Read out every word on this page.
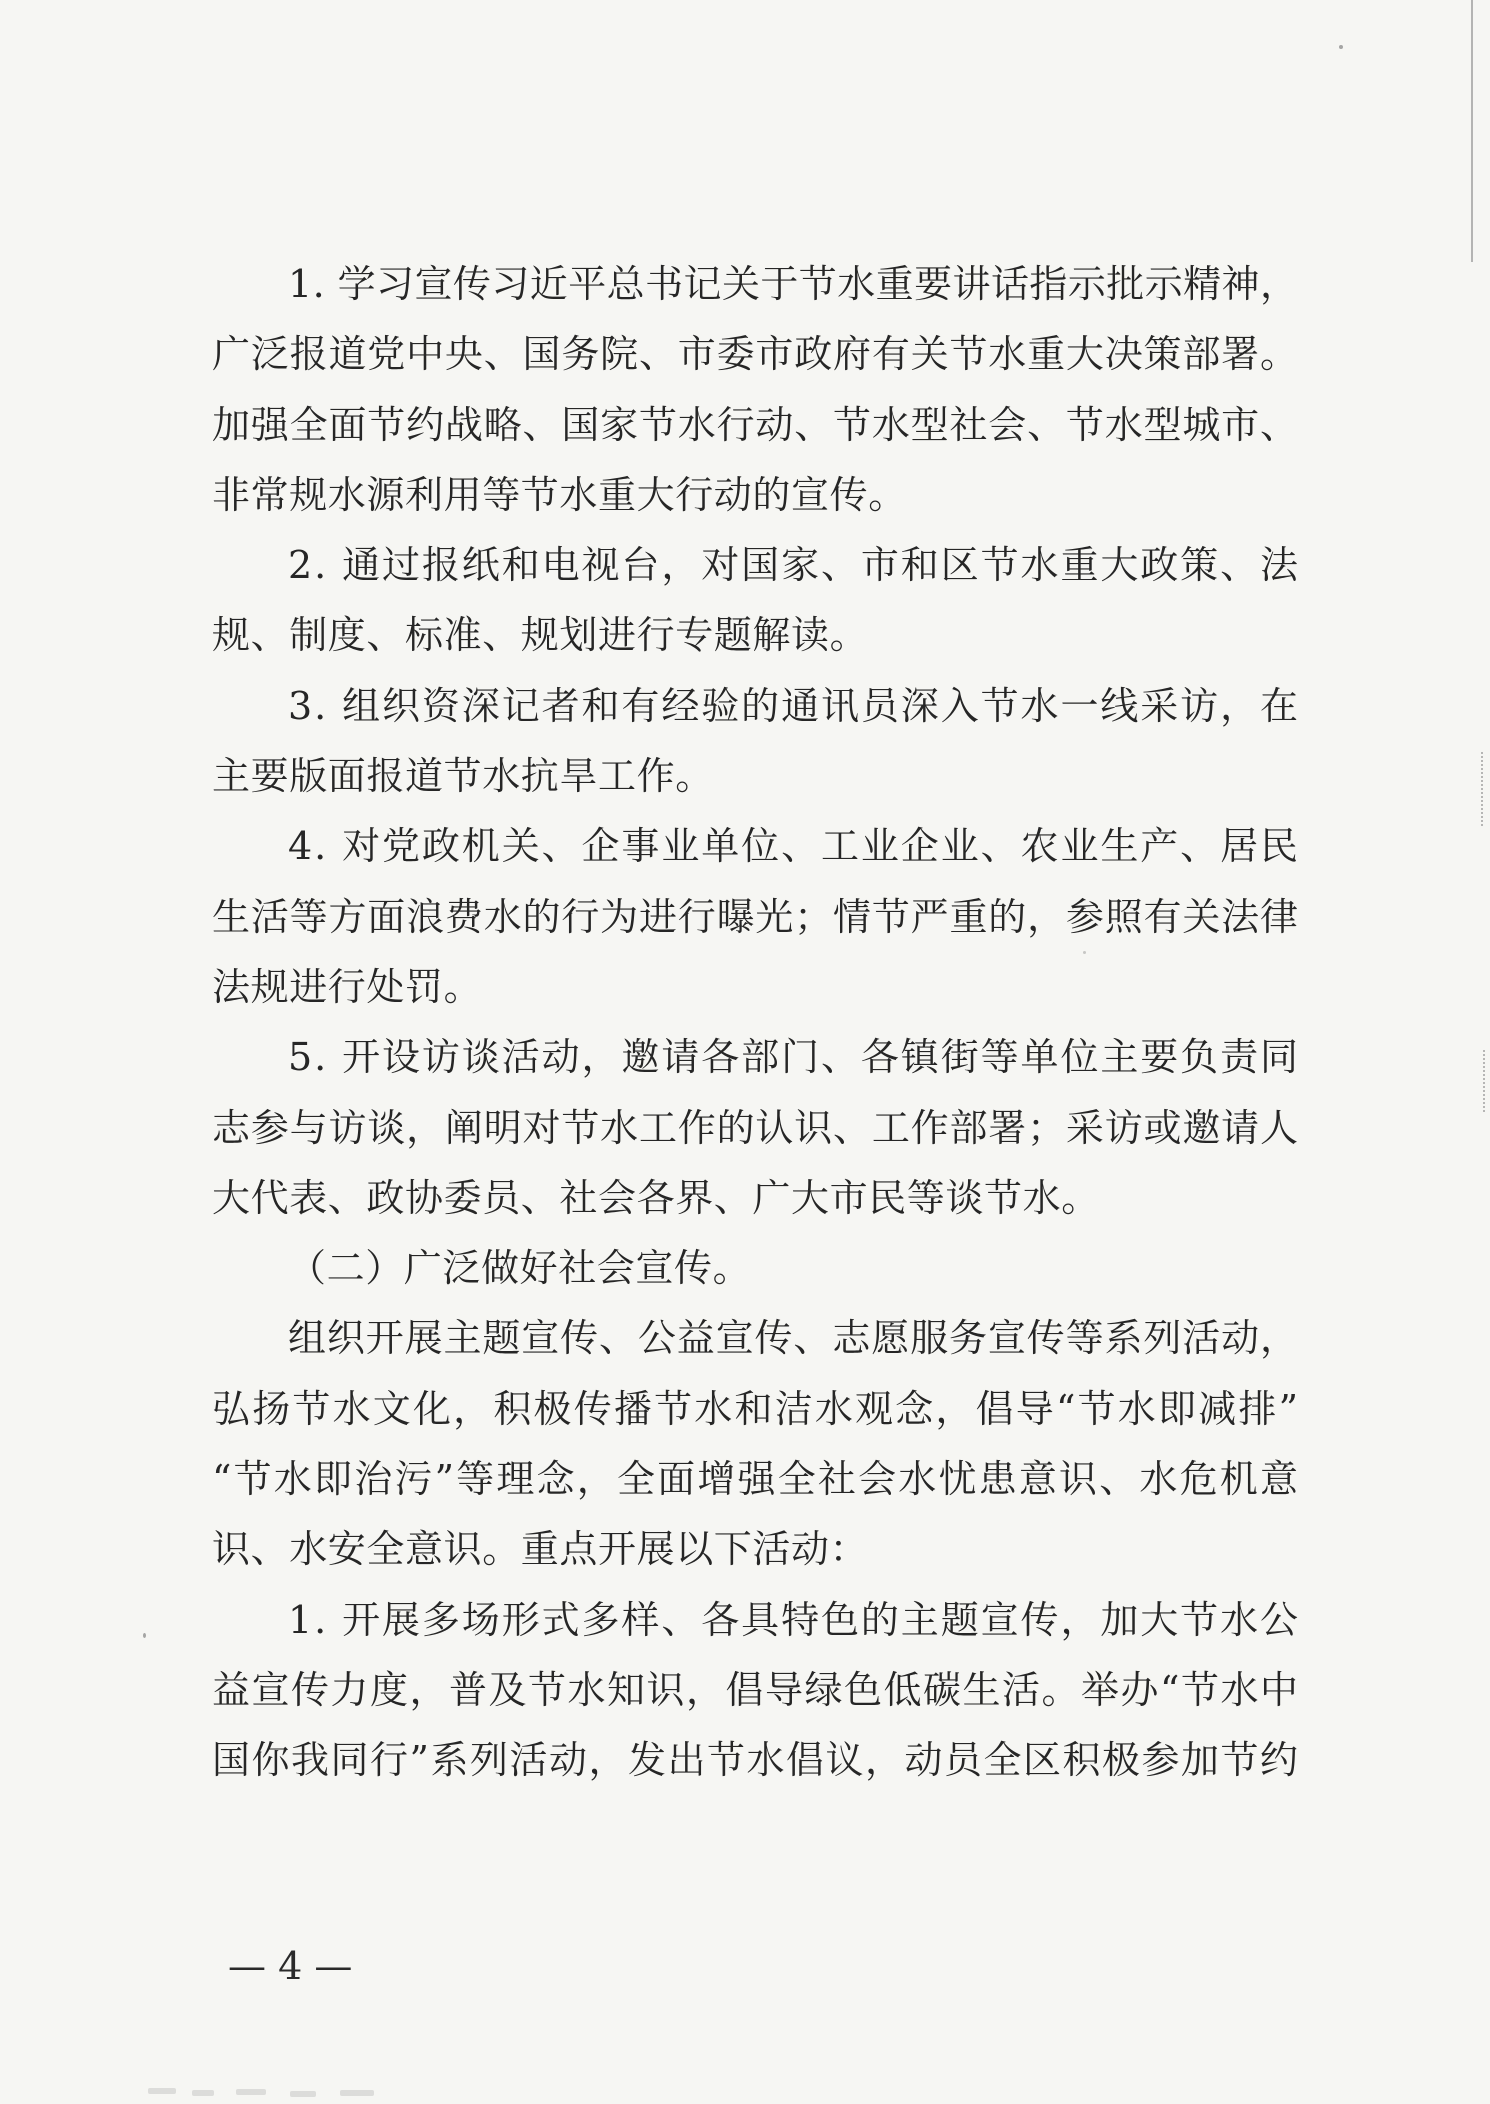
1. 学习宣传习近平总书记关于节水重要讲话指示批示精神，
广泛报道党中央、国务院、市委市政府有关节水重大决策部署。
加强全面节约战略、国家节水行动、节水型社会、节水型城市、
非常规水源利用等节水重大行动的宣传。
2. 通过报纸和电视台，对国家、市和区节水重大政策、法
规、制度、标准、规划进行专题解读。
3. 组织资深记者和有经验的通讯员深入节水一线采访，在
主要版面报道节水抗旱工作。
4. 对党政机关、企事业单位、工业企业、农业生产、居民
生活等方面浪费水的行为进行曝光；情节严重的，参照有关法律
法规进行处罚。
5. 开设访谈活动，邀请各部门、各镇街等单位主要负责同
志参与访谈，阐明对节水工作的认识、工作部署；采访或邀请人
大代表、政协委员、社会各界、广大市民等谈节水。
（二）广泛做好社会宣传。
组织开展主题宣传、公益宣传、志愿服务宣传等系列活动，
弘扬节水文化，积极传播节水和洁水观念，倡导“节水即减排”
“节水即治污”等理念，全面增强全社会水忧患意识、水危机意
识、水安全意识。重点开展以下活动：
1. 开展多场形式多样、各具特色的主题宣传，加大节水公
益宣传力度，普及节水知识，倡导绿色低碳生活。举办“节水中
国你我同行”系列活动，发出节水倡议，动员全区积极参加节约
— 4 —
